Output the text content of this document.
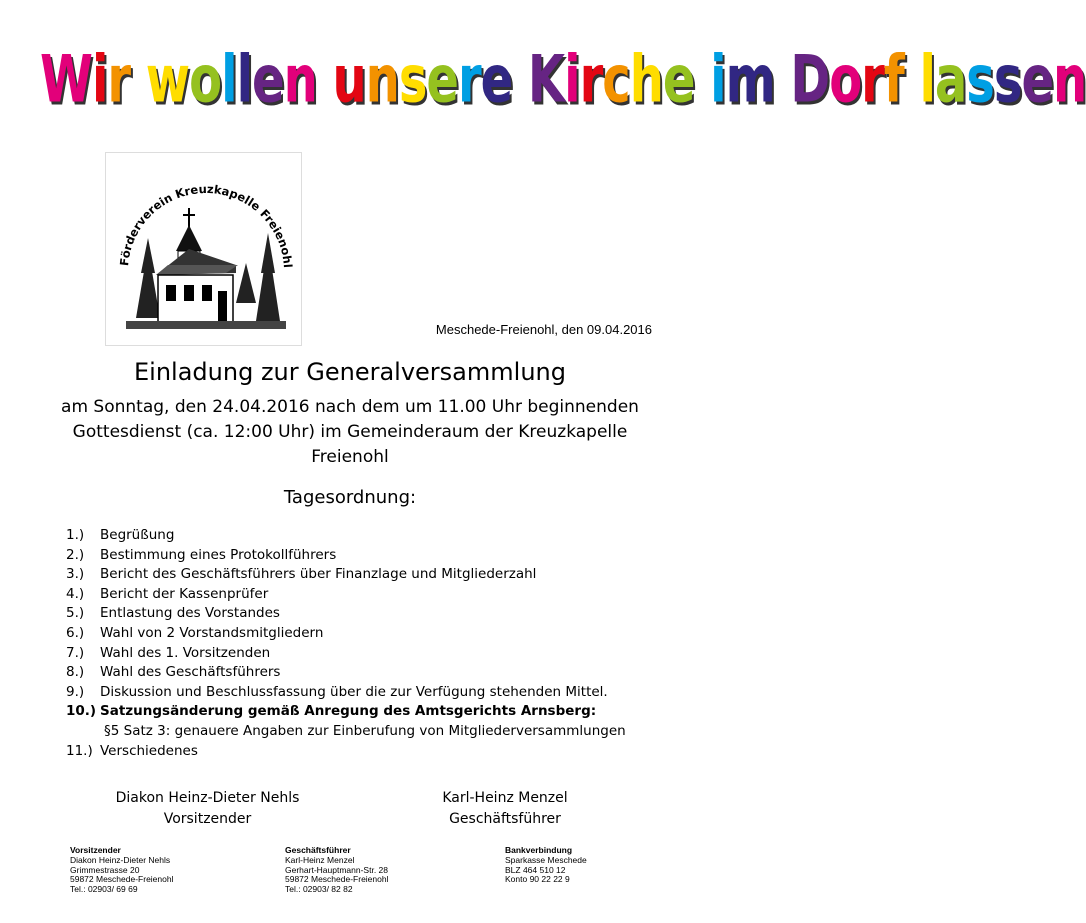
Wir wollen unsere Kirche im Dorf lassen
Förderverein Kreuzkapelle Freienohl
Meschede-Freienohl, den 09.04.2016
Einladung zur Generalversammlung
am Sonntag, den 24.04.2016 nach dem um 11.00 Uhr beginnenden
Gottesdienst (ca. 12:00 Uhr) im Gemeinderaum der Kreuzkapelle
Freienohl
Tagesordnung:
1.) Begrüßung
2.) Bestimmung eines Protokollführers
3.) Bericht des Geschäftsführers über Finanzlage und Mitgliederzahl
4.) Bericht der Kassenprüfer
5.) Entlastung des Vorstandes
6.) Wahl von 2 Vorstandsmitgliedern
7.) Wahl des 1. Vorsitzenden
8.) Wahl des Geschäftsführers
9.) Diskussion und Beschlussfassung über die zur Verfügung stehenden Mittel.
10.) Satzungsänderung gemäß Anregung des Amtsgerichts Arnsberg:
§5 Satz 3: genauere Angaben zur Einberufung von Mitgliederversammlungen
11.) Verschiedenes
Diakon Heinz-Dieter Nehls
Vorsitzender
Karl-Heinz Menzel
Geschäftsführer
Vorsitzender
Diakon Heinz-Dieter Nehls
Grimmestrasse 20
59872 Meschede-Freienohl
Tel.: 02903/ 69 69
Geschäftsführer
Karl-Heinz Menzel
Gerhart-Hauptmann-Str. 28
59872 Meschede-Freienohl
Tel.: 02903/ 82 82
Bankverbindung
Sparkasse Meschede
BLZ 464 510 12
Konto 90 22 22 9
